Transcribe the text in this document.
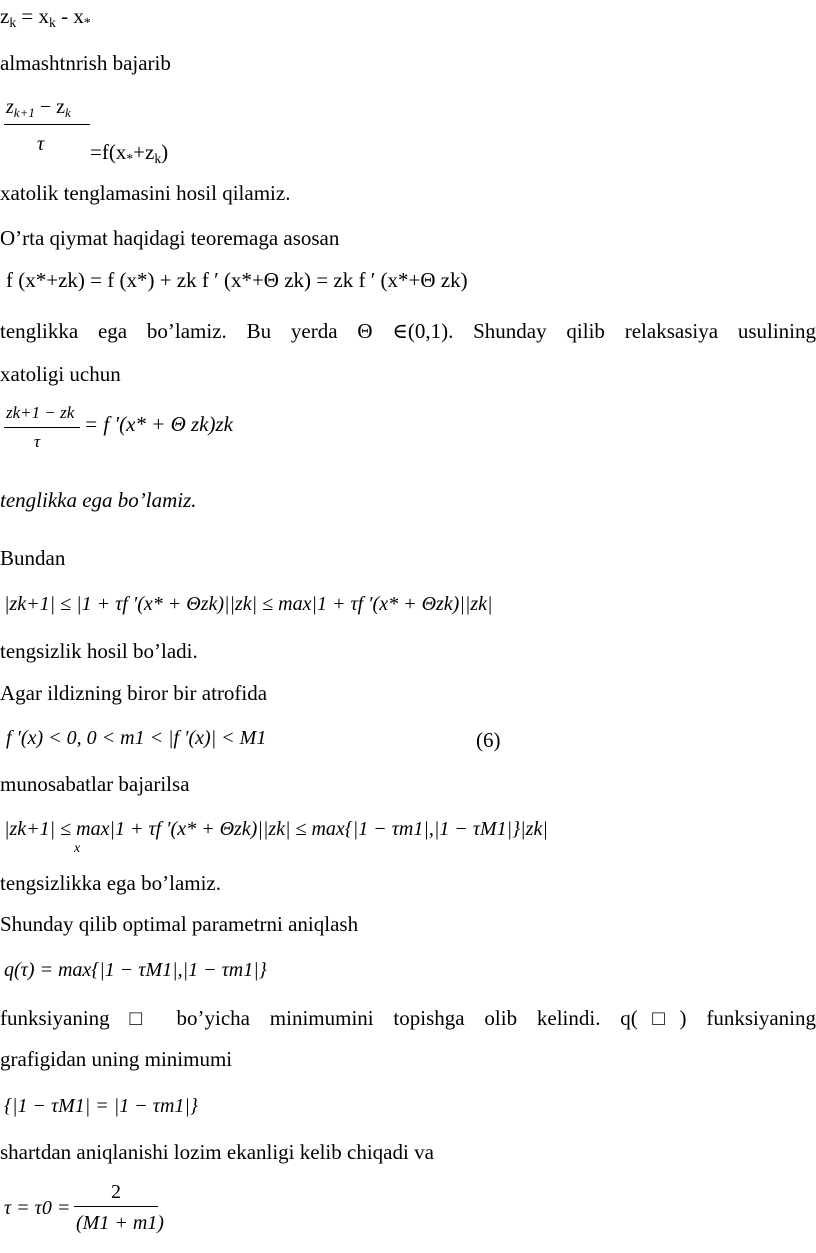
$z_k = x_k - x_*$
almashtnrish bajarib
$z_{k+1} - z_k$
$\tau =f(x_*+z_k)$
xatolik tenglamasini hosil qilamiz.
O’rta qiymat haqidagi teoremaga asosan
f (x*+zk) = f (x*) + zk f ′ (x*+Θ zk) = zk f ′ (x*+Θ zk)
tenglikka ega bo’lamiz. Bu yerda Θ ∈(0,1). Shunday qilib relaksasiya usulining
xatoligi uchun
zk+1 − zk
τ
= f ′(x* + Θ zk)zk
tenglikka ega bo’lamiz.
Bundan
|zk+1| ≤ |1 + τf ′(x* + Θzk)||zk| ≤ max|1 + τf ′(x* + Θzk)||zk|
tengsizlik hosil bo’ladi.
Agar ildizning biror bir atrofida
f ′(x) < 0, 0 < m1 < |f ′(x)| < M1	(6)
munosabatlar bajarilsa
|zk+1| ≤ max|1 + τf ′(x* + Θzk)||zk| ≤ max{|1 − τm1|,|1 − τM1|}|zk|
x
tengsizlikka ega bo’lamiz.
Shunday qilib optimal parametrni aniqlash
q(τ) = max{|1 − τM1|,|1 − τm1|}
funksiyaning □ bo’yicha minimumini topishga olib kelindi. q(□) funksiyaning
grafigidan uning minimumi
{|1 − τM1| = |1 − τm1|}
shartdan aniqlanishi lozim ekanligi kelib chiqadi va
τ = τ0 =
2
(M1 + m1)
